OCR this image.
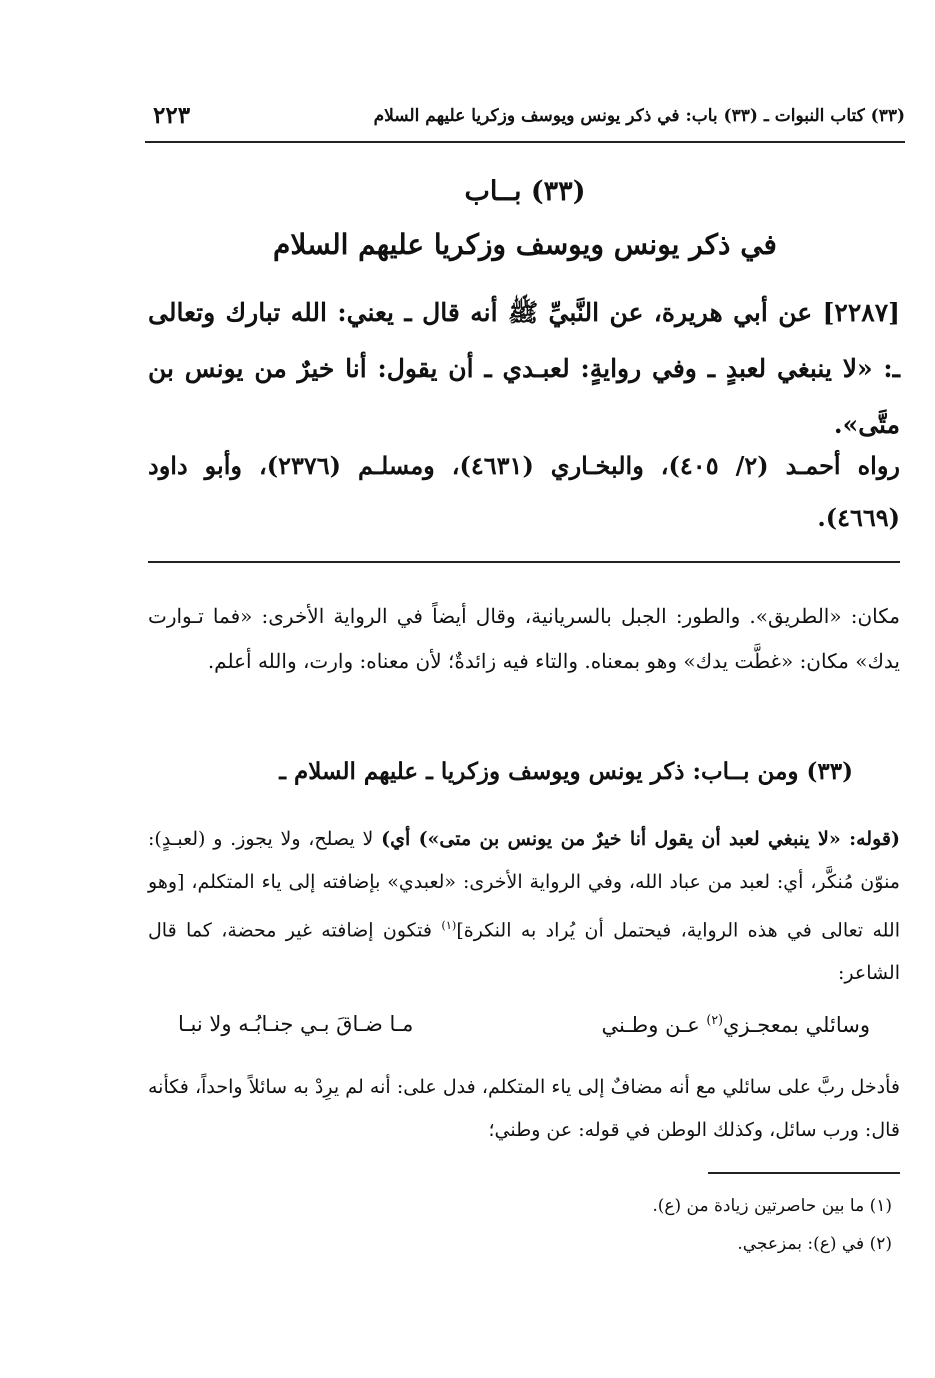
(٣٣) كتاب النبوات ـ (٣٣) باب: في ذكر يونس ويوسف وزكريا عليهم السلام
٢٢٣
(٣٣) بــاب
في ذكر يونس ويوسف وزكريا عليهم السلام
[٢٢٨٧] عن أبي هريرة، عن النَّبيِّ ﷺ أنه قال ـ يعني: الله تبارك وتعالى ـ: «لا ينبغي لعبدٍ ـ وفي روايةٍ: لعبـدي ـ أن يقول: أنا خيرٌ من يونس بن متَّى».
رواه أحمـد (٢/ ٤٠٥)، والبخـاري (٤٦٣١)، ومسلـم (٢٣٧٦)، وأبو داود (٤٦٦٩).
مكان: «الطريق». والطور: الجبل بالسريانية، وقال أيضاً في الرواية الأخرى: «فما تـوارت يدك» مكان: «غطَّت يدك» وهو بمعناه. والتاء فيه زائدةٌ؛ لأن معناه: وارت، والله أعلم.
(٣٣) ومن بــاب: ذكر يونس ويوسف وزكريا ـ عليهم السلام ـ
(قوله: «لا ينبغي لعبد أن يقول أنا خيرٌ من يونس بن متى») أي) لا يصلح، ولا يجوز. و (لعبـدٍ): منوّن مُنكَّر، أي: لعبد من عباد الله، وفي الرواية الأخرى: «لعبدي» بإضافته إلى ياء المتكلم، [وهو الله تعالى في هذه الرواية، فيحتمل أن يُراد به النكرة]$^{(١)}$ فتكون إضافته غير محضة، كما قال الشاعر:
وسائلي بمعجـزي$^{(٢)}$ عـن وطـني
مـا ضـاقَ بـي جنـابُـه ولا نبـا
فأدخل ربَّ على سائلي مع أنه مضافٌ إلى ياء المتكلم، فدل على: أنه لم يرِدْ به سائلاً واحداً، فكأنه قال: ورب سائل، وكذلك الوطن في قوله: عن وطني؛
(١) ما بين حاصرتين زيادة من (ع).
(٢) في (ع): بمزعجي.
